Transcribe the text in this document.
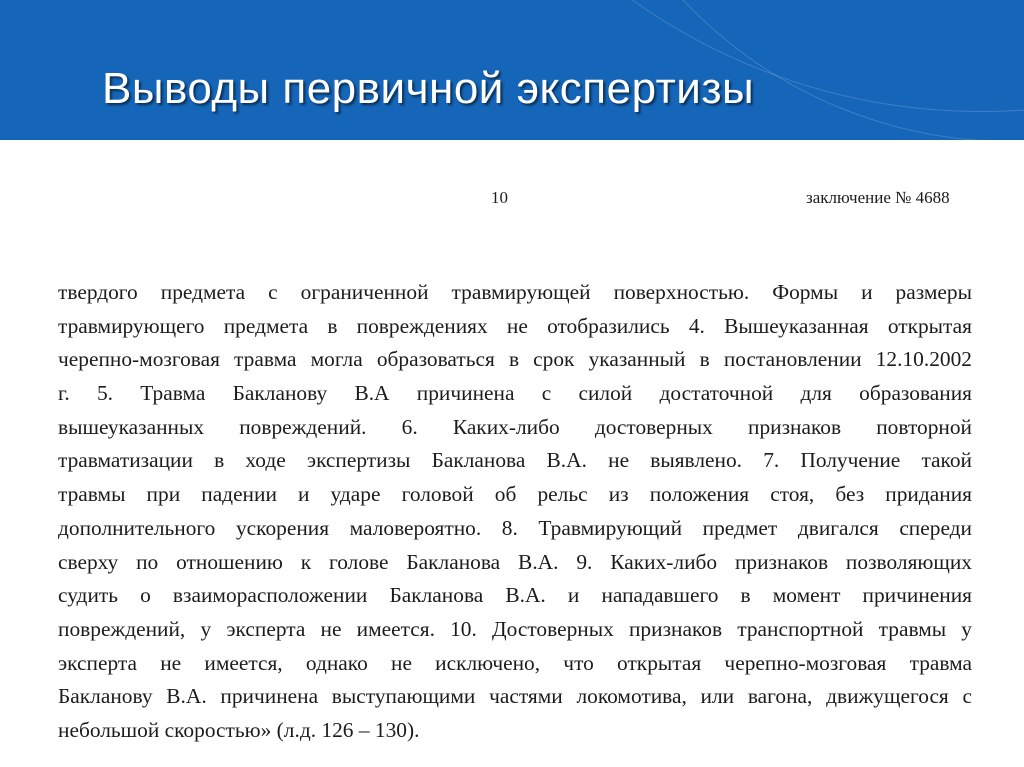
Выводы первичной экспертизы
10	заключение № 4688
твердого предмета с ограниченной травмирующей поверхностью. Формы и размеры
травмирующего предмета в повреждениях не отобразились 4. Вышеуказанная открытая
черепно-мозговая травма могла образоваться в срок указанный в постановлении 12.10.2002
г. 5. Травма Бакланову В.А причинена с силой достаточной для образования
вышеуказанных повреждений. 6. Каких-либо достоверных признаков повторной
травматизации в ходе экспертизы Бакланова В.А. не выявлено. 7. Получение такой
травмы при падении и ударе головой об рельс из положения стоя, без придания
дополнительного ускорения маловероятно. 8. Травмирующий предмет двигался спереди
сверху по отношению к голове Бакланова В.А. 9. Каких-либо признаков позволяющих
судить о взаиморасположении Бакланова В.А. и нападавшего в момент причинения
повреждений, у эксперта не имеется. 10. Достоверных признаков транспортной травмы у
эксперта не имеется, однако не исключено, что открытая черепно-мозговая травма
Бакланову В.А. причинена выступающими частями локомотива, или вагона, движущегося с
небольшой скоростью» (л.д. 126 – 130).
